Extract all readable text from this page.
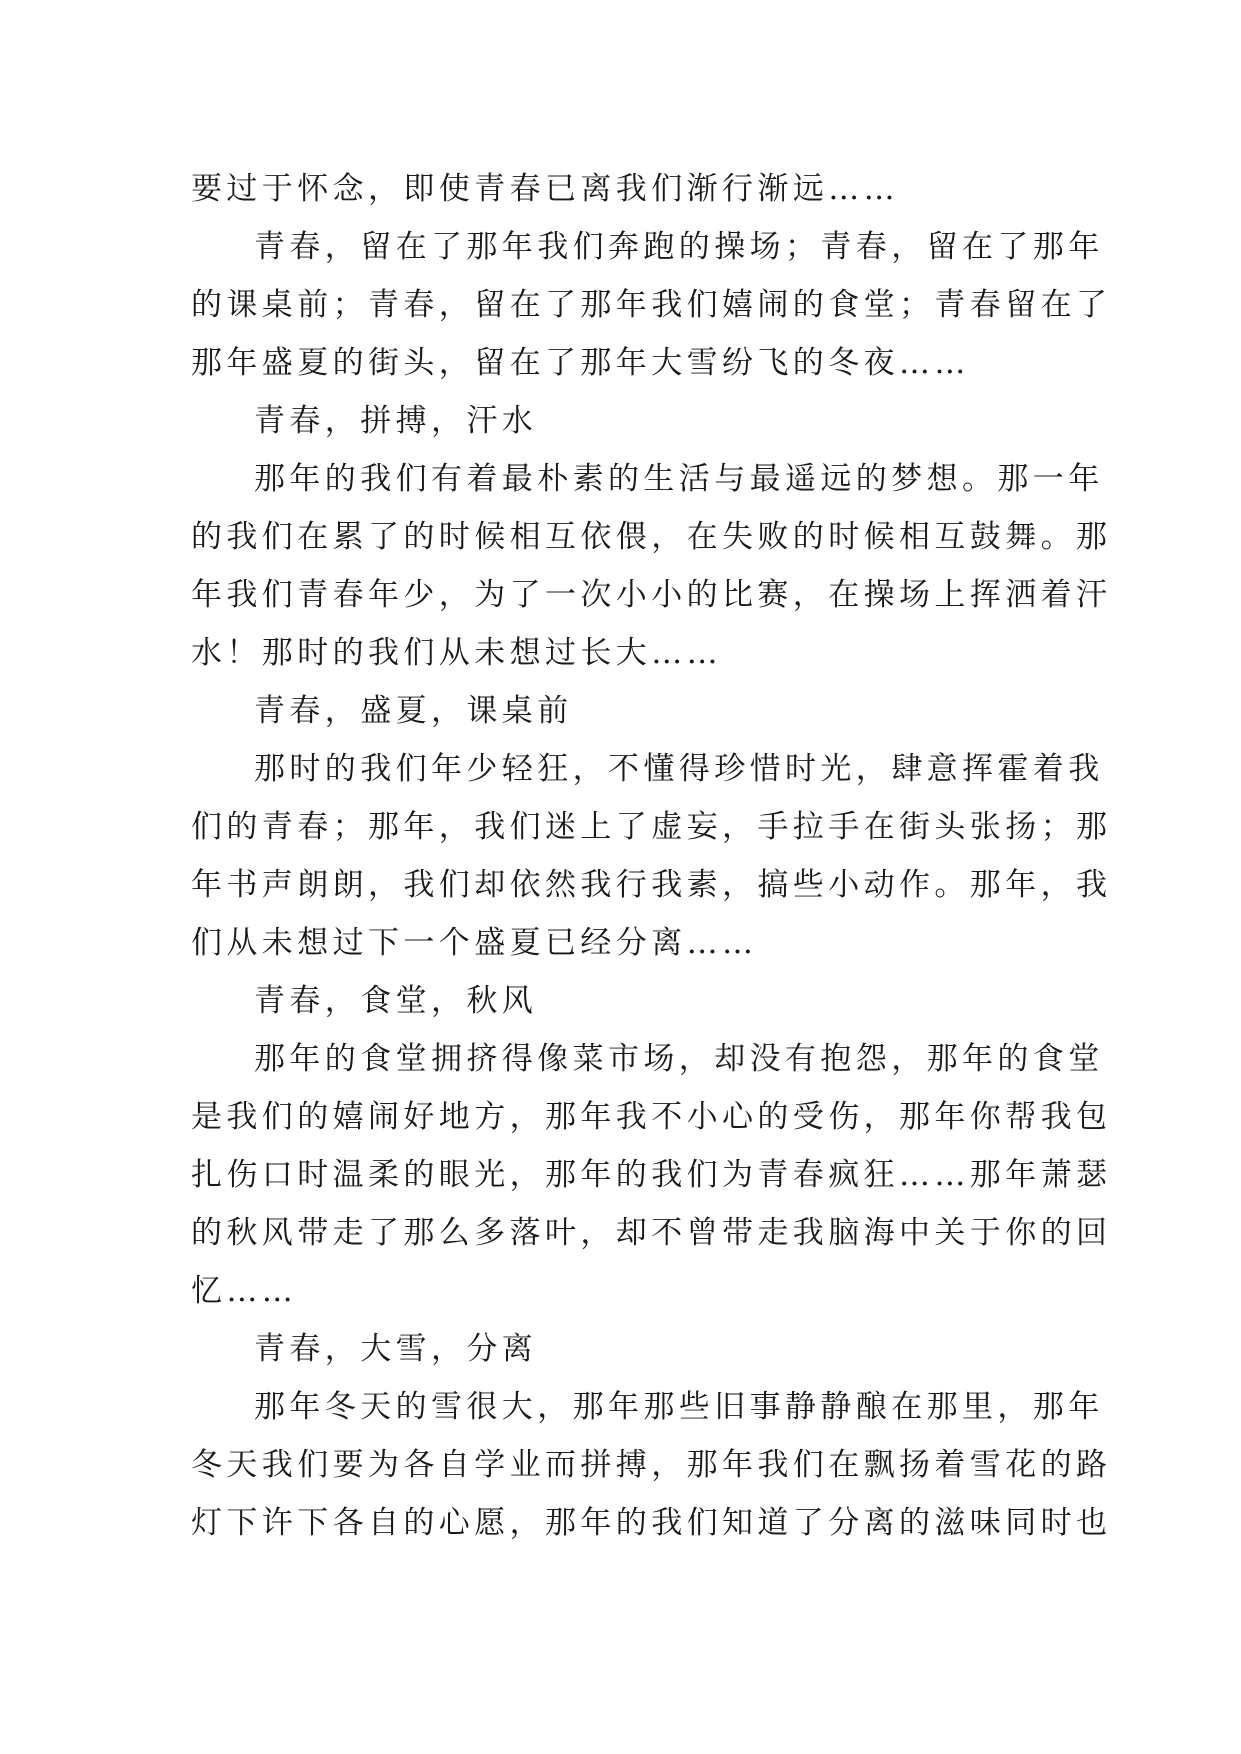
要过于怀念，即使青春已离我们渐行渐远……
青春，留在了那年我们奔跑的操场；青春，留在了那年
的课桌前；青春，留在了那年我们嬉闹的食堂；青春留在了
那年盛夏的街头，留在了那年大雪纷飞的冬夜……
青春，拼搏，汗水
那年的我们有着最朴素的生活与最遥远的梦想。那一年
的我们在累了的时候相互依偎，在失败的时候相互鼓舞。那
年我们青春年少，为了一次小小的比赛，在操场上挥洒着汗
水！那时的我们从未想过长大……
青春，盛夏，课桌前
那时的我们年少轻狂，不懂得珍惜时光，肆意挥霍着我
们的青春；那年，我们迷上了虚妄，手拉手在街头张扬；那
年书声朗朗，我们却依然我行我素，搞些小动作。那年，我
们从未想过下一个盛夏已经分离……
青春，食堂，秋风
那年的食堂拥挤得像菜市场，却没有抱怨，那年的食堂
是我们的嬉闹好地方，那年我不小心的受伤，那年你帮我包
扎伤口时温柔的眼光，那年的我们为青春疯狂……那年萧瑟
的秋风带走了那么多落叶，却不曾带走我脑海中关于你的回
忆……
青春，大雪，分离
那年冬天的雪很大，那年那些旧事静静酿在那里，那年
冬天我们要为各自学业而拼搏，那年我们在飘扬着雪花的路
灯下许下各自的心愿，那年的我们知道了分离的滋味同时也
